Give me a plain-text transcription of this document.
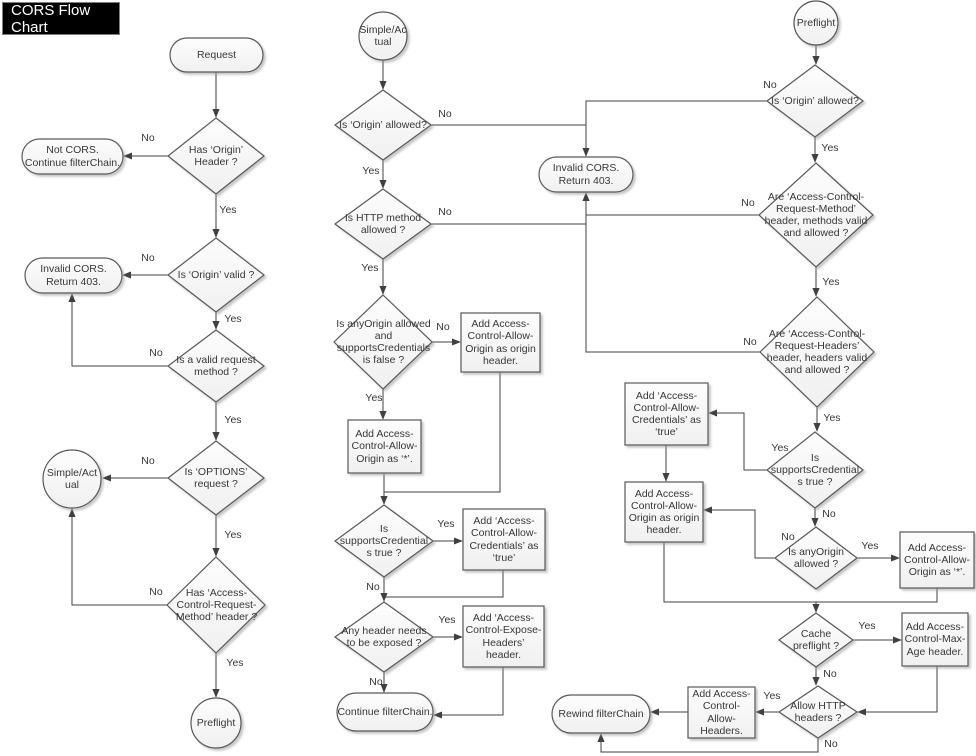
CORS Flow Chart
Request
Has ‘Origin’ Header ?
Not CORS. Continue filterChain.
Is ‘Origin’ valid ?
Invalid CORS. Return 403.
Is a valid request method ?
Is ‘OPTIONS’ request ?
Simple/Actual
Has ‘Access-Control-Request-Method’ header ?
Preflight
Simple/Actual
Is ‘Origin’ allowed?
Is HTTP method allowed ?
Is anyOrigin allowed and supportsCredentials is false ?
Add Access-Control-Allow-Origin as origin header.
Add Access-Control-Allow-Origin as ‘*’.
Is supportsCredentials true ?
Add ‘Access-Control-Allow-Credentials’ as ‘true’
Any header needs to be exposed ?
Add ‘Access-Control-Expose-Headers’ header.
Continue filterChain.
Invalid CORS. Return 403.
Preflight
Is ‘Origin’ allowed?
Are ‘Access-Control-Request-Method’ header, methods valid and allowed ?
Are ‘Access-Control-Request-Headers’ header, headers valid and allowed ?
Is supportsCredentials true ?
Is anyOrigin allowed ?
Add ‘Access-Control-Allow-Credentials’ as ‘true’
Add Access-Control-Allow-Origin as origin header.
Add Access-Control-Allow-Origin as ‘*’.
Cache preflight ?
Add Access-Control-Max-Age header.
Allow HTTP headers ?
Add Access-Control-Allow-Headers.
Rewind filterChain
No
Yes
No
Yes
No
Yes
No
Yes
No
Yes
No
Yes
No
Yes
No
Yes
Yes
No
Yes
No
No
Yes
No
Yes
No
Yes
Yes
No
No
Yes
Yes
No
Yes
No
